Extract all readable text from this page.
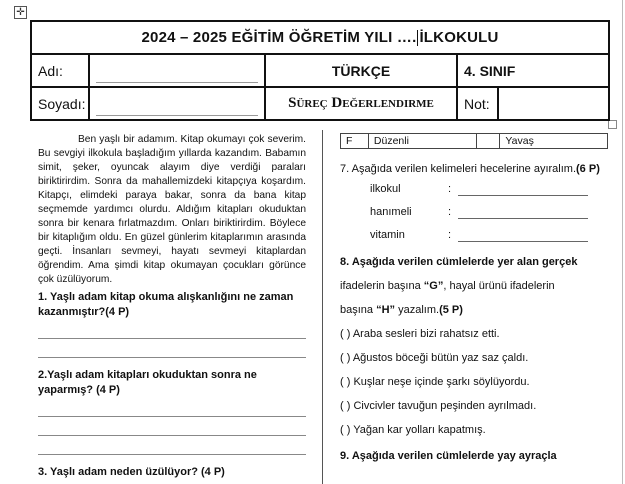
✛
2024 – 2025 EĞİTİM ÖĞRETİM YILI …. İLKOKULU				
Adı:		TÜRKÇE	4. SINIF	
Soyadı:		Süreç Değerlendirme	Not:	

Ben yaşlı bir adamım. Kitap okumayı çok severim. Bu sevgiyi ilkokula başladığım yıllarda kazandım. Babamın simit, şeker, oyuncak alayım diye verdiği paraları biriktirirdim. Sonra da mahallemizdeki kitapçıya koşardım. Kitapçı, elimdeki paraya bakar, sonra da bana kitap seçmemde yardımcı olurdu. Aldığım kitapları okuduktan sonra bir kenara fırlatmazdım. Onları biriktirirdim. Böylece bir kitaplığım oldu. En güzel günlerim kitaplarımın arasında geçti. İnsanları sevmeyi, hayatı sevmeyi kitaplardan öğrendim. Ama şimdi kitap okumayan çocukları görünce çok üzülüyorum.

1. Yaşlı adam kitap okuma alışkanlığını ne zaman kazanmıştır?(4 P)
2.Yaşlı adam kitapları okuduktan sonra ne yaparmış? (4 P)
3. Yaşlı adam neden üzülüyor? (4 P)
F	Düzenli		Yavaş
7. Aşağıda verilen kelimeleri hecelerine ayıralım.(6 P)
ilkokul	:
hanımeli	:
vitamin	:
8. Aşağıda verilen cümlelerde yer alan gerçek
ifadelerin başına “G”, hayal ürünü ifadelerin
başına “H” yazalım.(5 P)
( ) Araba sesleri bizi rahatsız etti.
( ) Ağustos böceği bütün yaz saz çaldı.
( ) Kuşlar neşe içinde şarkı söylüyordu.
( ) Civcivler tavuğun peşinden ayrılmadı.
( ) Yağan kar yolları kapatmış.
9. Aşağıda verilen cümlelerde yay ayraçla
